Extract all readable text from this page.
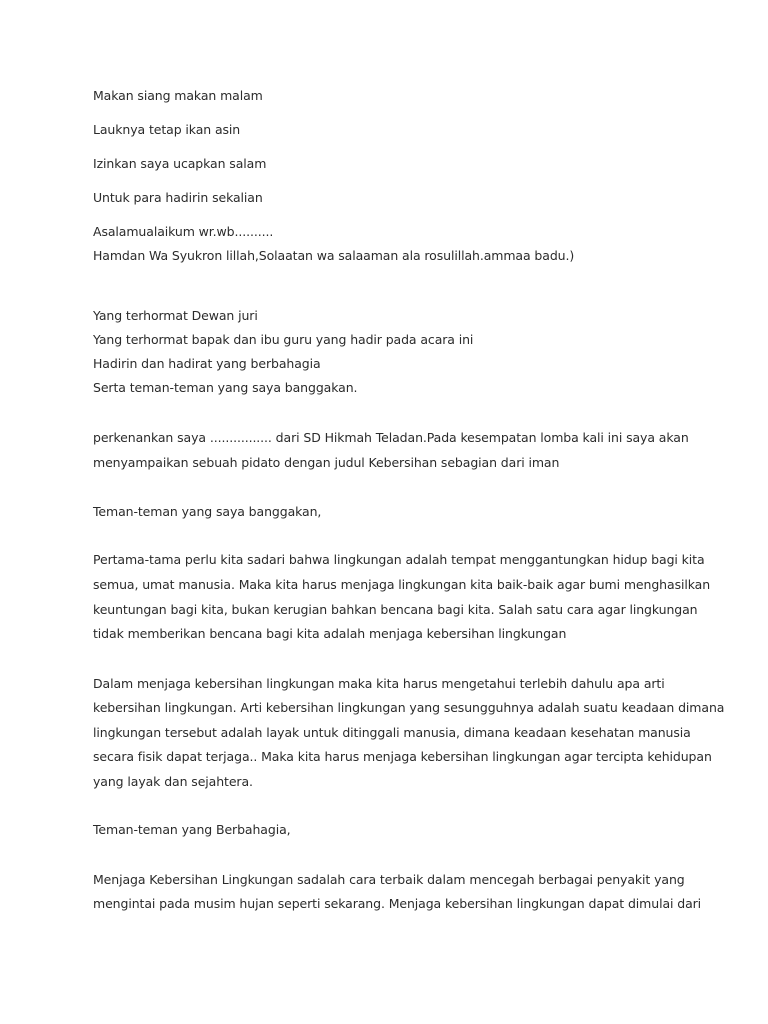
Makan siang makan malam
Lauknya tetap ikan asin
Izinkan saya ucapkan salam
Untuk para hadirin sekalian
Asalamualaikum wr.wb..........
Hamdan Wa Syukron lillah,Solaatan wa salaaman ala rosulillah.ammaa badu.)
Yang terhormat Dewan juri
Yang terhormat bapak dan ibu guru yang hadir pada acara ini
Hadirin dan hadirat yang berbahagia
Serta teman-teman yang saya banggakan.
perkenankan saya ................ dari SD Hikmah Teladan.Pada kesempatan lomba kali ini saya akan
menyampaikan sebuah pidato dengan judul Kebersihan sebagian dari iman
Teman-teman yang saya banggakan,
Pertama-tama perlu kita sadari bahwa lingkungan adalah tempat menggantungkan hidup bagi kita
semua, umat manusia. Maka kita harus menjaga lingkungan kita baik-baik agar bumi menghasilkan
keuntungan bagi kita, bukan kerugian bahkan bencana bagi kita. Salah satu cara agar lingkungan
tidak memberikan bencana bagi kita adalah menjaga kebersihan lingkungan
Dalam menjaga kebersihan lingkungan maka kita harus mengetahui terlebih dahulu apa arti
kebersihan lingkungan. Arti kebersihan lingkungan yang sesungguhnya adalah suatu keadaan dimana
lingkungan tersebut adalah layak untuk ditinggali manusia, dimana keadaan kesehatan manusia
secara fisik dapat terjaga.. Maka kita harus menjaga kebersihan lingkungan agar tercipta kehidupan
yang layak dan sejahtera.
Teman-teman yang Berbahagia,
Menjaga Kebersihan Lingkungan sadalah cara terbaik dalam mencegah berbagai penyakit yang
mengintai pada musim hujan seperti sekarang. Menjaga kebersihan lingkungan dapat dimulai dari
